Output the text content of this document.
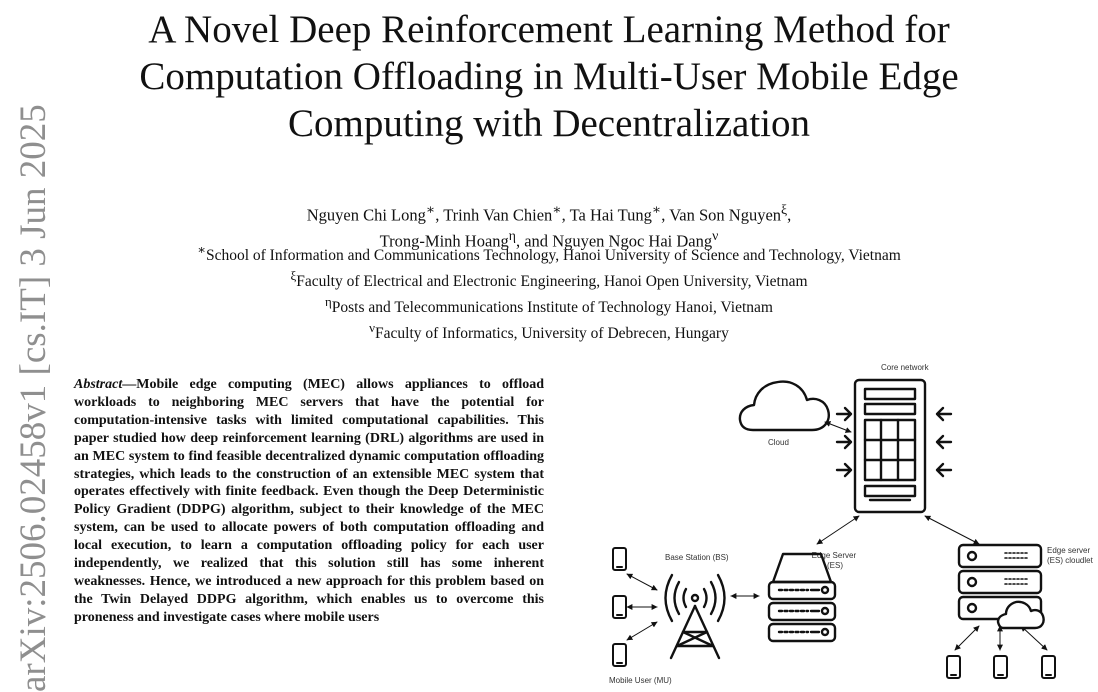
A Novel Deep Reinforcement Learning Method for
Computation Offloading in Multi-User Mobile Edge
Computing with Decentralization
Nguyen Chi Long∗, Trinh Van Chien∗, Ta Hai Tung∗, Van Son Nguyen$^\xi$,
Trong-Minh Hoang$^\eta$, and Nguyen Ngoc Hai Dang$^\nu$
∗School of Information and Communications Technology, Hanoi University of Science and Technology, Vietnam
$^\xi$Faculty of Electrical and Electronic Engineering, Hanoi Open University, Vietnam
$^\eta$Posts and Telecommunications Institute of Technology Hanoi, Vietnam
$^\nu$Faculty of Informatics, University of Debrecen, Hungary
arXiv:2506.02458v1 [cs.IT] 3 Jun 2025 Abstract—Mobile edge computing (MEC) allows appliances to offload workloads to neighboring MEC servers that have the potential for computation-intensive tasks with limited computational capabilities. This paper studied how deep reinforcement learning (DRL) algorithms are used in an MEC system to find feasible decentralized dynamic computation offloading strategies, which leads to the construction of an extensible MEC system that operates effectively with finite feedback. Even though the Deep Deterministic Policy Gradient (DDPG) algorithm, subject to their knowledge of the MEC system, can be used to allocate powers of both computation offloading and local execution, to learn a computation offloading policy for each user independently, we realized that this solution still has some inherent weaknesses. Hence, we introduced a new approach for this problem based on the Twin Delayed DDPG algorithm, which enables us to overcome this proneness and investigate cases where mobile users

Cloud
Core network
Mobile User (MU)
Base Station (BS)	Edge Server (ES)
Edge server (ES) cloudlet
